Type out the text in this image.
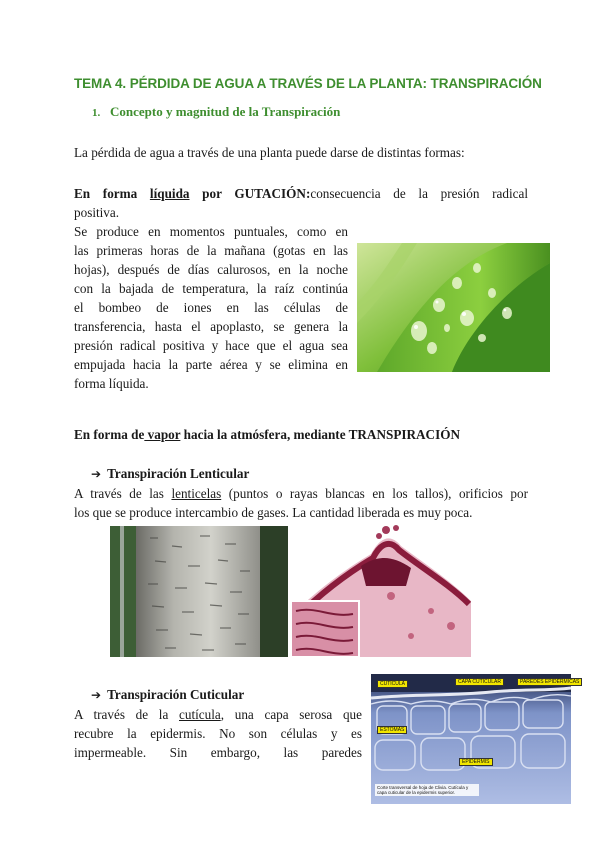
TEMA 4. PÉRDIDA DE AGUA A TRAVÉS DE LA PLANTA: TRANSPIRACIÓN
1. Concepto y magnitud de la Transpiración
La pérdida de agua a través de una planta puede darse de distintas formas:
En forma líquida por GUTACIÓN:consecuencia de la presión radical
positiva.
Se produce en momentos puntuales, como en
las primeras horas de la mañana (gotas en las
hojas), después de días calurosos, en la noche
con la bajada de temperatura, la raíz continúa
el bombeo de iones en las células de
transferencia, hasta el apoplasto, se genera la
presión radical positiva y hace que el agua sea
empujada hacia la parte aérea y se elimina en
forma líquida.
En forma de vapor hacia la atmósfera, mediante TRANSPIRACIÓN
➔ Transpiración Lenticular
A través de las lenticelas (puntos o rayas blancas en los tallos), orificios por
los que se produce intercambio de gases. La cantidad liberada es muy poca.
➔ Transpiración Cuticular
A través de la cutícula, una capa serosa que
recubre la epidermis. No son células y es
impermeable. Sin embargo, las paredes
CUTÍCULA	CAPA CUTICULAR	PAREDES EPIDÉRMICAS
ESTOMAS
EPIDERMIS
Corte transversal de hoja de Clivia. Cutícula y capa cuticular de la epidermis superior.
